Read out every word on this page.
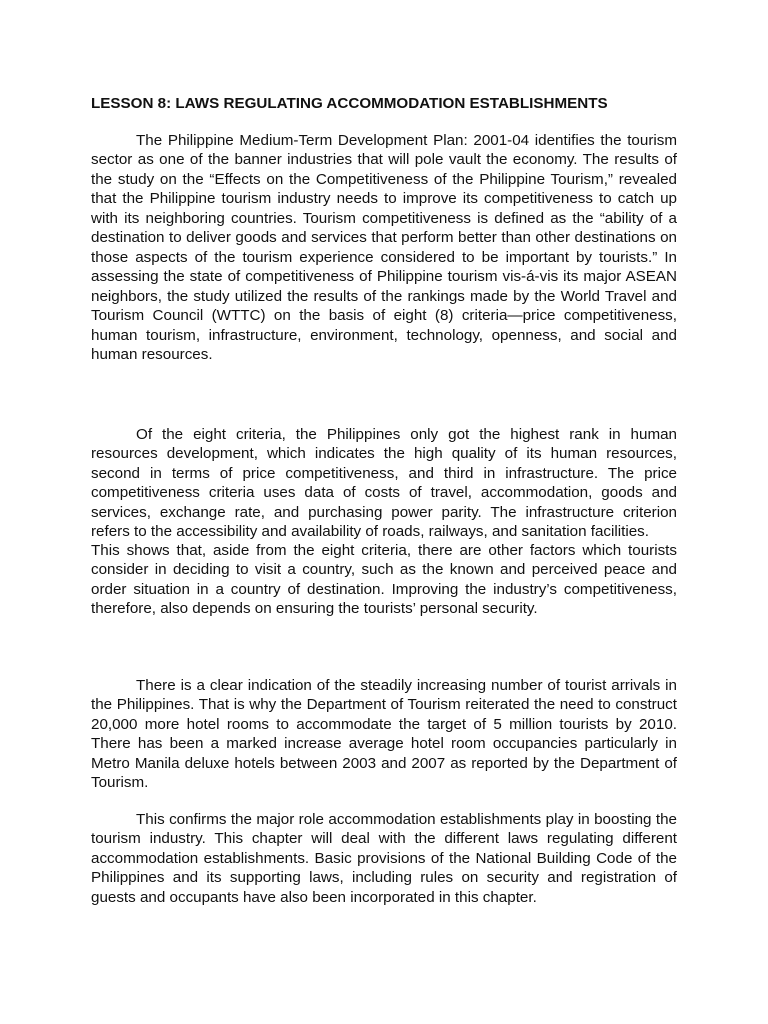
LESSON 8: LAWS REGULATING ACCOMMODATION ESTABLISHMENTS

The Philippine Medium-Term Development Plan: 2001-04 identifies the tourism sector as one of the banner industries that will pole vault the economy. The results of the study on the “Effects on the Competitiveness of the Philippine Tourism,” revealed that the Philippine tourism industry needs to improve its competitiveness to catch up with its neighboring countries. Tourism competitiveness is defined as the “ability of a destination to deliver goods and services that perform better than other destinations on those aspects of the tourism experience considered to be important by tourists.” In assessing the state of competitiveness of Philippine tourism vis-á-vis its major ASEAN neighbors, the study utilized the results of the rankings made by the World Travel and Tourism Council (WTTC) on the basis of eight (8) criteria—price competitiveness, human tourism, infrastructure, environment, technology, openness, and social and human resources.

Of the eight criteria, the Philippines only got the highest rank in human resources development, which indicates the high quality of its human resources, second in terms of price competitiveness, and third in infrastructure. The price competitiveness criteria uses data of costs of travel, accommodation, goods and services, exchange rate, and purchasing power parity. The infrastructure criterion refers to the accessibility and availability of roads, railways, and sanitation facilities.

This shows that, aside from the eight criteria, there are other factors which tourists consider in deciding to visit a country, such as the known and perceived peace and order situation in a country of destination. Improving the industry’s competitiveness, therefore, also depends on ensuring the tourists’ personal security.

There is a clear indication of the steadily increasing number of tourist arrivals in the Philippines. That is why the Department of Tourism reiterated the need to construct 20,000 more hotel rooms to accommodate the target of 5 million tourists by 2010. There has been a marked increase average hotel room occupancies particularly in Metro Manila deluxe hotels between 2003 and 2007 as reported by the Department of Tourism.

This confirms the major role accommodation establishments play in boosting the tourism industry. This chapter will deal with the different laws regulating different accommodation establishments. Basic provisions of the National Building Code of the Philippines and its supporting laws, including rules on security and registration of guests and occupants have also been incorporated in this chapter.
